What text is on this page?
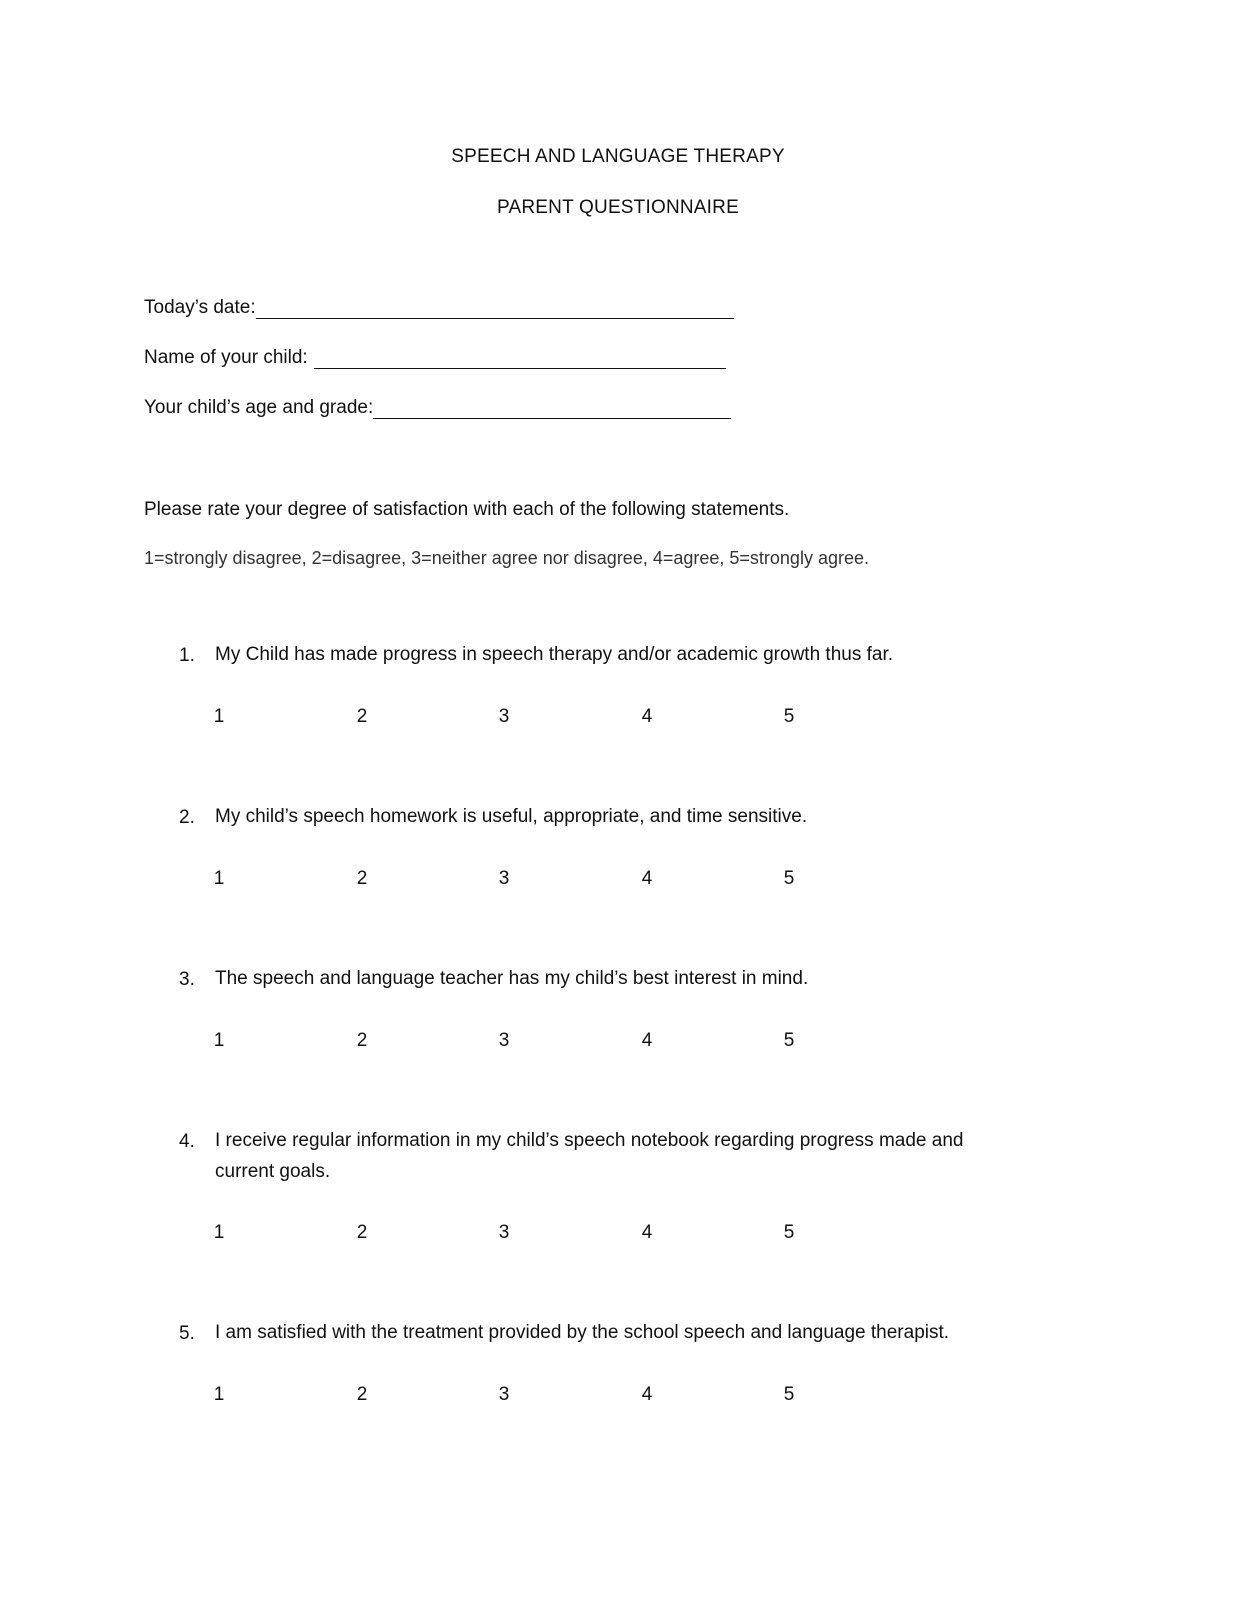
SPEECH AND LANGUAGE THERAPY
PARENT QUESTIONNAIRE
Today’s date:
Name of your child:
Your child’s age and grade:
Please rate your degree of satisfaction with each of the following statements.
1=strongly disagree, 2=disagree, 3=neither agree nor disagree, 4=agree, 5=strongly agree.
1. My Child has made progress in speech therapy and/or academic growth thus far.
1	2	3	4	5
2. My child’s speech homework is useful, appropriate, and time sensitive.
1	2	3	4	5
3. The speech and language teacher has my child’s best interest in mind.
1	2	3	4	5
4. I receive regular information in my child’s speech notebook regarding progress made and current goals.
1	2	3	4	5
5. I am satisfied with the treatment provided by the school speech and language therapist.
1	2	3	4	5
